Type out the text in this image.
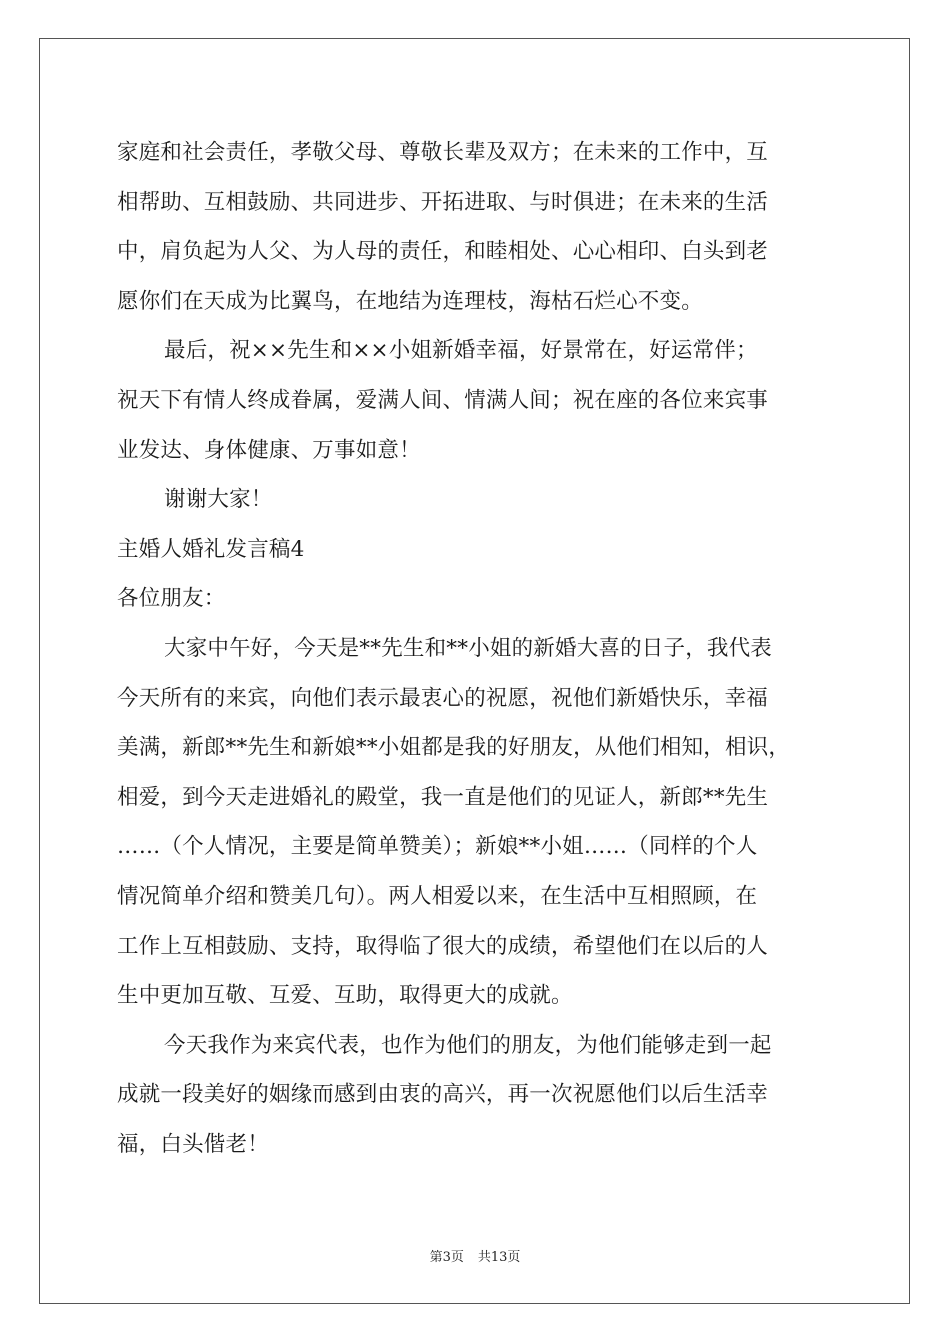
家庭和社会责任，孝敬父母、尊敬长辈及双方；在未来的工作中，互
相帮助、互相鼓励、共同进步、开拓进取、与时俱进；在未来的生活
中，肩负起为人父、为人母的责任，和睦相处、心心相印、白头到老
愿你们在天成为比翼鸟，在地结为连理枝，海枯石烂心不变。
最后，祝××先生和××小姐新婚幸福，好景常在，好运常伴；
祝天下有情人终成眷属，爱满人间、情满人间；祝在座的各位来宾事
业发达、身体健康、万事如意！
谢谢大家！
主婚人婚礼发言稿4
各位朋友：
大家中午好，今天是**先生和**小姐的新婚大喜的日子，我代表
今天所有的来宾，向他们表示最衷心的祝愿，祝他们新婚快乐，幸福
美满，新郎**先生和新娘**小姐都是我的好朋友，从他们相知，相识，
相爱，到今天走进婚礼的殿堂，我一直是他们的见证人，新郎**先生
……（个人情况，主要是简单赞美）；新娘**小姐……（同样的个人
情况简单介绍和赞美几句）。两人相爱以来，在生活中互相照顾，在
工作上互相鼓励、支持，取得临了很大的成绩，希望他们在以后的人
生中更加互敬、互爱、互助，取得更大的成就。
今天我作为来宾代表，也作为他们的朋友，为他们能够走到一起
成就一段美好的姻缘而感到由衷的高兴，再一次祝愿他们以后生活幸
福，白头偕老！
第3页 共13页
